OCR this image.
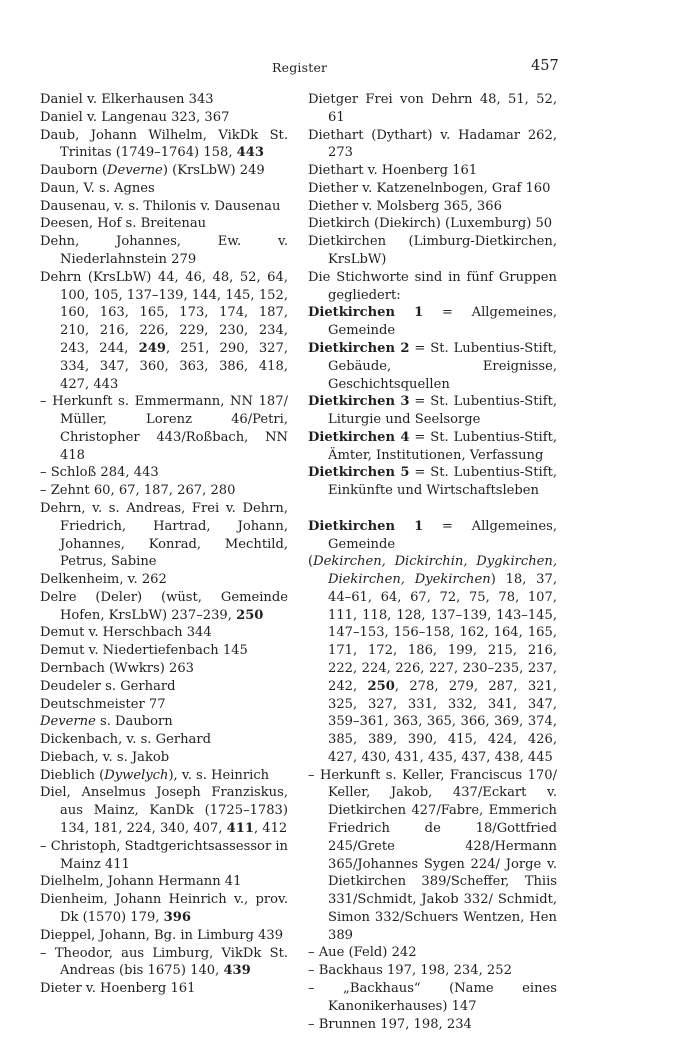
Register	457
Daniel v. Elkerhausen 343
Daniel v. Langenau 323, 367
Daub, Johann Wilhelm, VikDk St. Trinitas (1749–1764) 158, 443
Dauborn (Deverne) (KrsLbW) 249
Daun, V. s. Agnes
Dausenau, v. s. Thilonis v. Dausenau
Deesen, Hof s. Breitenau
Dehn, Johannes, Ew. v. Niederlahnstein 279
Dehrn (KrsLbW) 44, 46, 48, 52, 64, 100, 105, 137–139, 144, 145, 152, 160, 163, 165, 173, 174, 187, 210, 216, 226, 229, 230, 234, 243, 244, 249, 251, 290, 327, 334, 347, 360, 363, 386, 418, 427, 443
– Herkunft s. Emmermann, NN 187/ Müller, Lorenz 46/Petri, Christopher 443/Roßbach, NN 418
– Schloß 284, 443
– Zehnt 60, 67, 187, 267, 280
Dehrn, v. s. Andreas, Frei v. Dehrn, Friedrich, Hartrad, Johann, Johannes, Konrad, Mechtild, Petrus, Sabine
Delkenheim, v. 262
Delre (Deler) (wüst, Gemeinde Hofen, KrsLbW) 237–239, 250
Demut v. Herschbach 344
Demut v. Niedertiefenbach 145
Dernbach (Wwkrs) 263
Deudeler s. Gerhard
Deutschmeister 77
Deverne s. Dauborn
Dickenbach, v. s. Gerhard
Diebach, v. s. Jakob
Dieblich (Dywelych), v. s. Heinrich
Diel, Anselmus Joseph Franziskus, aus Mainz, KanDk (1725–1783) 134, 181, 224, 340, 407, 411, 412
– Christoph, Stadtgerichtsassessor in Mainz 411
Dielhelm, Johann Hermann 41
Dienheim, Johann Heinrich v., prov. Dk (1570) 179, 396
Dieppel, Johann, Bg. in Limburg 439
– Theodor, aus Limburg, VikDk St. Andreas (bis 1675) 140, 439
Dieter v. Hoenberg 161
Dietger Frei von Dehrn 48, 51, 52, 61
Diethart (Dythart) v. Hadamar 262, 273
Diethart v. Hoenberg 161
Diether v. Katzenelnbogen, Graf 160
Diether v. Molsberg 365, 366
Dietkirch (Diekirch) (Luxemburg) 50
Dietkirchen (Limburg-Dietkirchen, KrsLbW)
Die Stichworte sind in fünf Gruppen gegliedert:
Dietkirchen 1 = Allgemeines, Gemeinde
Dietkirchen 2 = St. Lubentius-Stift, Gebäude, Ereignisse, Geschichtsquellen
Dietkirchen 3 = St. Lubentius-Stift, Liturgie und Seelsorge
Dietkirchen 4 = St. Lubentius-Stift, Ämter, Institutionen, Verfassung
Dietkirchen 5 = St. Lubentius-Stift, Einkünfte und Wirtschaftsleben
Dietkirchen 1 = Allgemeines, Gemeinde
(Dekirchen, Dickirchin, Dygkirchen, Diekirchen, Dyekirchen) 18, 37, 44–61, 64, 67, 72, 75, 78, 107, 111, 118, 128, 137–139, 143–145, 147–153, 156–158, 162, 164, 165, 171, 172, 186, 199, 215, 216, 222, 224, 226, 227, 230–235, 237, 242, 250, 278, 279, 287, 321, 325, 327, 331, 332, 341, 347, 359–361, 363, 365, 366, 369, 374, 385, 389, 390, 415, 424, 426, 427, 430, 431, 435, 437, 438, 445
– Herkunft s. Keller, Franciscus 170/ Keller, Jakob, 437/Eckart v. Dietkirchen 427/Fabre, Emmerich Friedrich de 18/Gottfried 245/Grete 428/Hermann 365/Johannes Sygen 224/ Jorge v. Dietkirchen 389/Scheffer, Thiis 331/Schmidt, Jakob 332/ Schmidt, Simon 332/Schuers Wentzen, Hen 389
– Aue (Feld) 242
– Backhaus 197, 198, 234, 252
– „Backhaus“ (Name eines Kanonikerhauses) 147
– Brunnen 197, 198, 234
